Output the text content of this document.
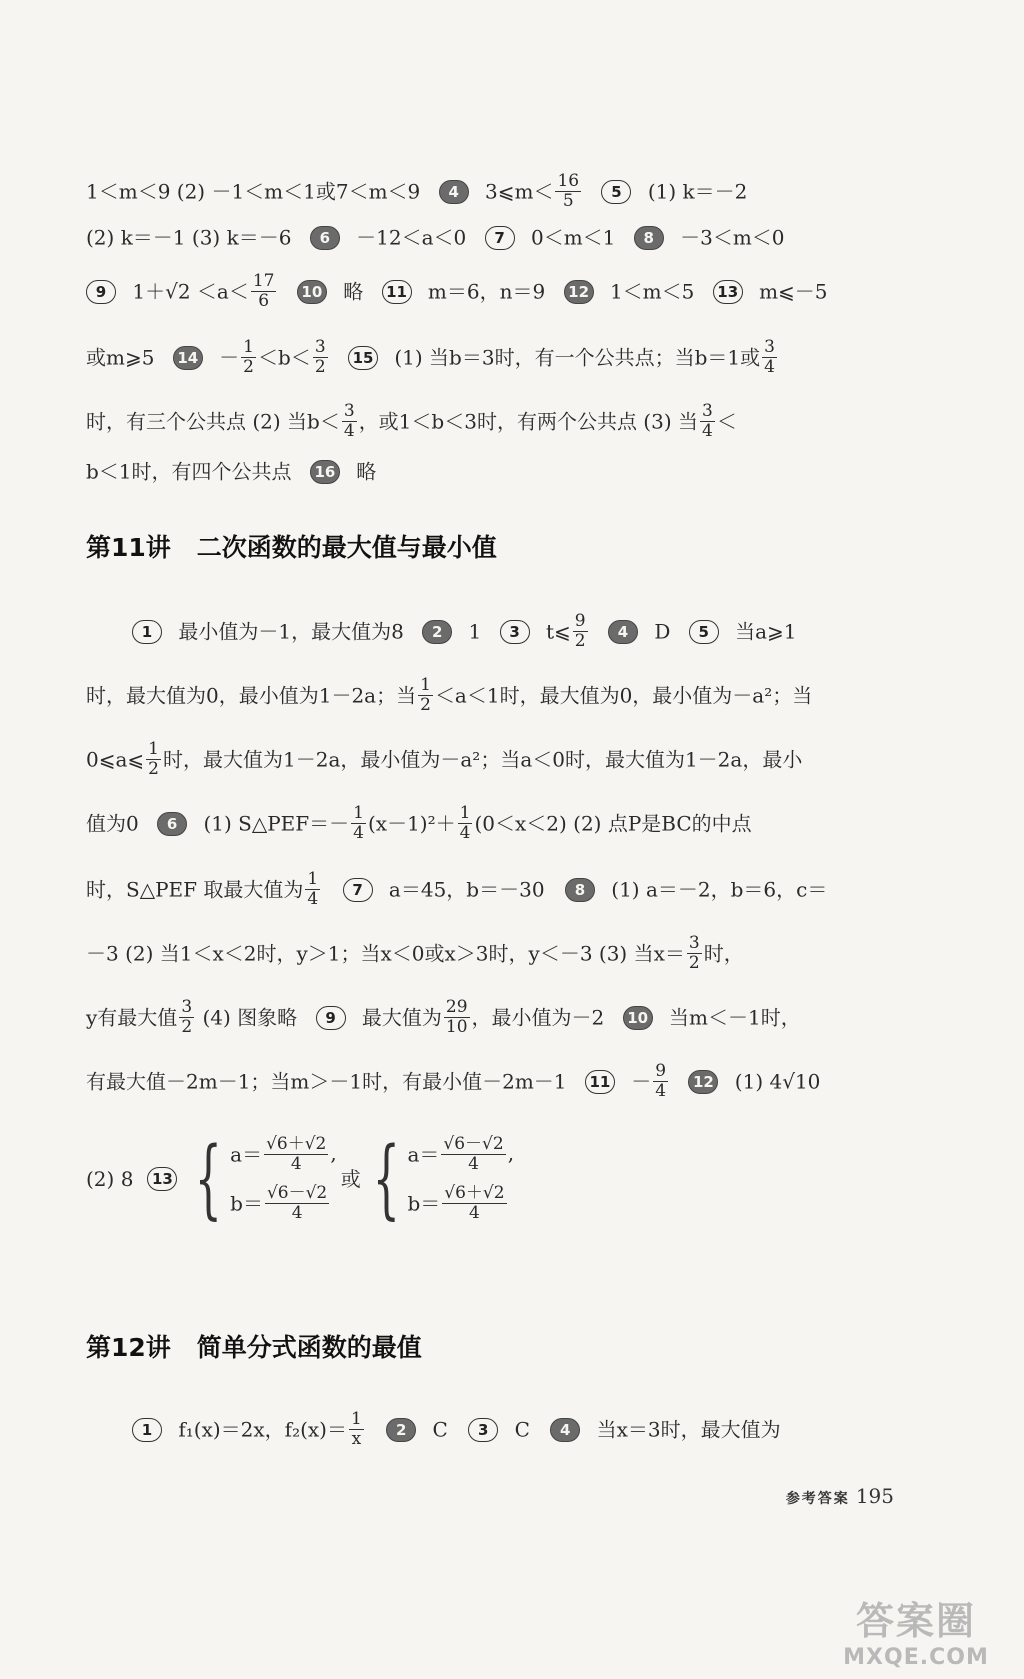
1＜m＜9 (2) －1＜m＜1或7＜m＜9 4 3⩽m＜ $\frac{16}{5} 5$ (1) k＝－2
(2) k＝－1 (3) k＝－6 6 －12＜a＜0 7 0＜m＜1 8 －3＜m＜0
9 $1+√2 <a< \frac{17}{6} 10$ 略 11 m＝6，n＝9 12 1＜m＜5 13 m⩽－5
或m⩾5 $14 - \frac{1}{2} <b< \frac{3}{2} 15$ (1) 当b＝3时，有一个公共点；当b＝1或 $\frac{3}{4}$
时，有三个公共点 (2) 当$b< \frac{3}{4}$ ，或1＜b＜3时，有两个公共点 (3) 当 $\frac{3}{4}$ ＜
b＜1时，有四个公共点 16 略
第11讲 二次函数的最大值与最小值
1 最小值为－1，最大值为8 2 1 3 t⩽ $\frac{9}{2} 4$ D 5 当a⩾1
时，最大值为0，最小值为1－2a；当 $\frac{1}{2} <a<1$时，最大值为0，最小值为－a²；当
0⩽a⩽ $\frac{1}{2}$ 时，最大值为1－2a，最小值为－a²；当a＜0时，最大值为1－2a，最小
值为0 6 (1) S△PEF＝－ $\frac{1}{4} (x-1)^2+ \frac{1}{4} (0<x<2)$ (2) 点P是BC的中点
时，S△PEF 取最大值为 $\frac{1}{4} 7$ a＝45，b＝－30 8 (1) a＝－2，b＝6，c＝
－3 (2) 当1＜x＜2时，y＞1；当x＜0或x＞3时，y＜－3 (3) 当$x= \frac{3}{2}$ 时，
y有最大值 $\frac{3}{2} (4)$ 图象略 9 最大值为 $\frac{29}{10}$ ，最小值为－2 10 当m＜－1时，
有最大值－2m－1；当m＞－1时，有最小值－2m－1 $11 - \frac{9}{4} 12$ (1) 4√10
(2) 8	13 { $a= \frac{√6+√2}{4}$ ,
$b= \frac{√6-√2}{4}$
或 { $a= \frac{√6-√2}{4}$ ,
$b= \frac{√6+√2}{4}$
第12讲 简单分式函数的最值
1 f₁(x)＝2x，$f_2(x)= \frac{1}{x} 2$ C 3 C 4 当x＝3时，最大值为
参考答案 195
答案圈
MXQE.COM
